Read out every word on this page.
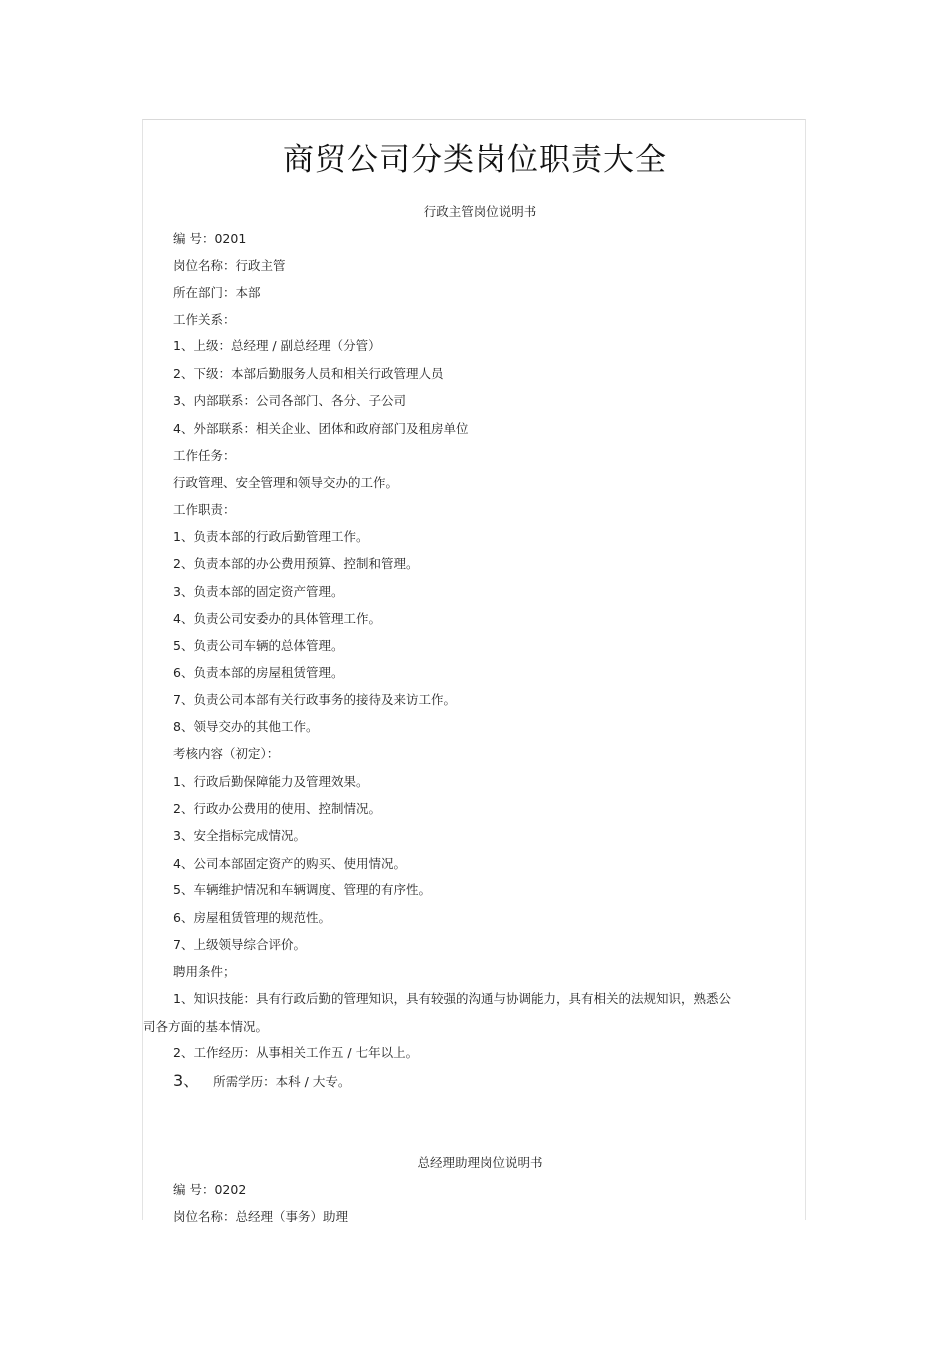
商贸公司分类岗位职责大全
行政主管岗位说明书
编 号：0201
岗位名称：行政主管
所在部门：本部
工作关系：
1、上级：总经理 / 副总经理（分管）
2、下级：本部后勤服务人员和相关行政管理人员
3、内部联系：公司各部门、各分、子公司
4、外部联系：相关企业、团体和政府部门及租房单位
工作任务：
行政管理、安全管理和领导交办的工作。
工作职责：
1、负责本部的行政后勤管理工作。
2、负责本部的办公费用预算、控制和管理。
3、负责本部的固定资产管理。
4、负责公司安委办的具体管理工作。
5、负责公司车辆的总体管理。
6、负责本部的房屋租赁管理。
7、负责公司本部有关行政事务的接待及来访工作。
8、领导交办的其他工作。
考核内容（初定）：
1、行政后勤保障能力及管理效果。
2、行政办公费用的使用、控制情况。
3、安全指标完成情况。
4、公司本部固定资产的购买、使用情况。
5、车辆维护情况和车辆调度、管理的有序性。
6、房屋租赁管理的规范性。
7、上级领导综合评价。
聘用条件；
1、知识技能：具有行政后勤的管理知识，具有较强的沟通与协调能力，具有相关的法规知识，熟悉公
司各方面的基本情况。
2、工作经历：从事相关工作五 / 七年以上。
3、 所需学历：本科 / 大专。
总经理助理岗位说明书
编 号：0202
岗位名称：总经理（事务）助理
